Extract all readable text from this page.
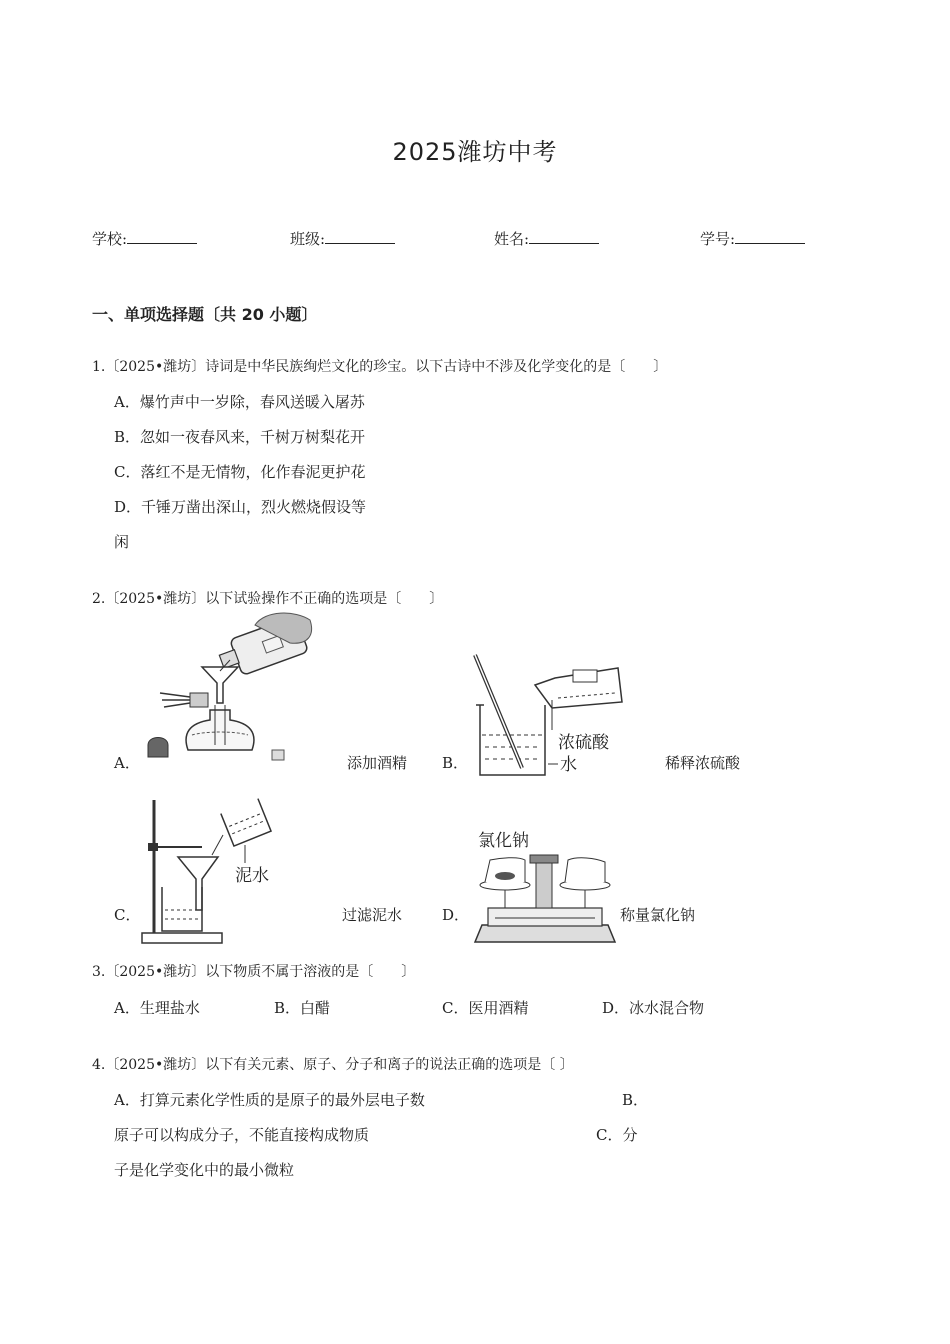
2025潍坊中考
学校:	班级:	姓名:	学号:
一、单项选择题〔共 20 小题〕
1.〔2025•潍坊〕诗词是中华民族绚烂文化的珍宝。以下古诗中不涉及化学变化的是〔　　〕
A．爆竹声中一岁除，春风送暖入屠苏
B．忽如一夜春风来，千树万树梨花开
C．落红不是无情物，化作春泥更护花
D．千锤万凿出深山，烈火燃烧假设等
闲
2.〔2025•潍坊〕以下试验操作不正确的选项是〔　　〕
A．	添加酒精 B．	稀释浓硫酸
C．	过滤泥水	D．	称量氯化钠
浓硫酸
水
泥水
氯化钠
3.〔2025•潍坊〕以下物质不属于溶液的是〔　　〕
A．生理盐水	B．白醋	C．医用酒精	D．冰水混合物
4.〔2025•潍坊〕以下有关元素、原子、分子和离子的说法正确的选项是〔 〕
A．打算元素化学性质的是原子的最外层电子数	B．
原子可以构成分子，不能直接构成物质	C．分
子是化学变化中的最小微粒
